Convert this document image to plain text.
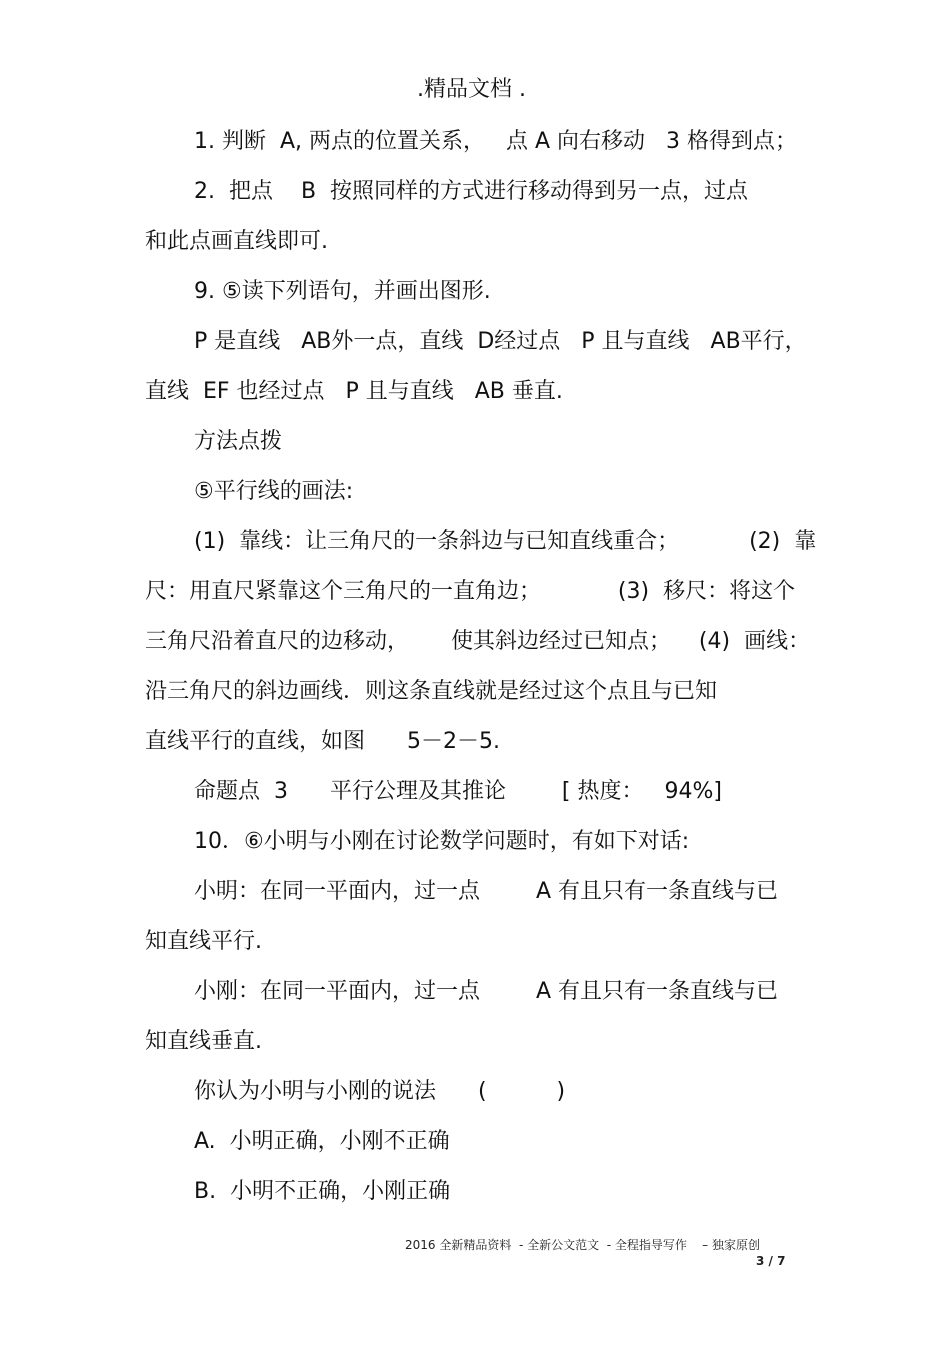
.精品文档 .
1. 判断  A, 两点的位置关系，   点 A 向右移动   3 格得到点；
2.  把点    B  按照同样的方式进行移动得到另一点，过点
和此点画直线即可.
9. ⑤读下列语句，并画出图形.
P 是直线   AB外一点，直线  D经过点   P 且与直线   AB平行，
直线  EF 也经过点   P 且与直线   AB 垂直.
方法点拨
⑤平行线的画法:
(1)  靠线：让三角尺的一条斜边与已知直线重合；          (2)  靠
尺：用直尺紧靠这个三角尺的一直角边；           (3)  移尺：将这个
三角尺沿着直尺的边移动，      使其斜边经过已知点；    (4)  画线：
沿三角尺的斜边画线．则这条直线就是经过这个点且与已知
直线平行的直线，如图      5－2－5.
命题点  3      平行公理及其推论        [ 热度：   94%]
10．⑥小明与小刚在讨论数学问题时，有如下对话:
小明：在同一平面内，过一点        A 有且只有一条直线与已
知直线平行.
小刚：在同一平面内，过一点        A 有且只有一条直线与已
知直线垂直.
你认为小明与小刚的说法      (          )
A.  小明正确，小刚不正确
B.  小明不正确，小刚正确
2016 全新精品资料  - 全新公文范文  - 全程指导写作    – 独家原创
3 / 7
